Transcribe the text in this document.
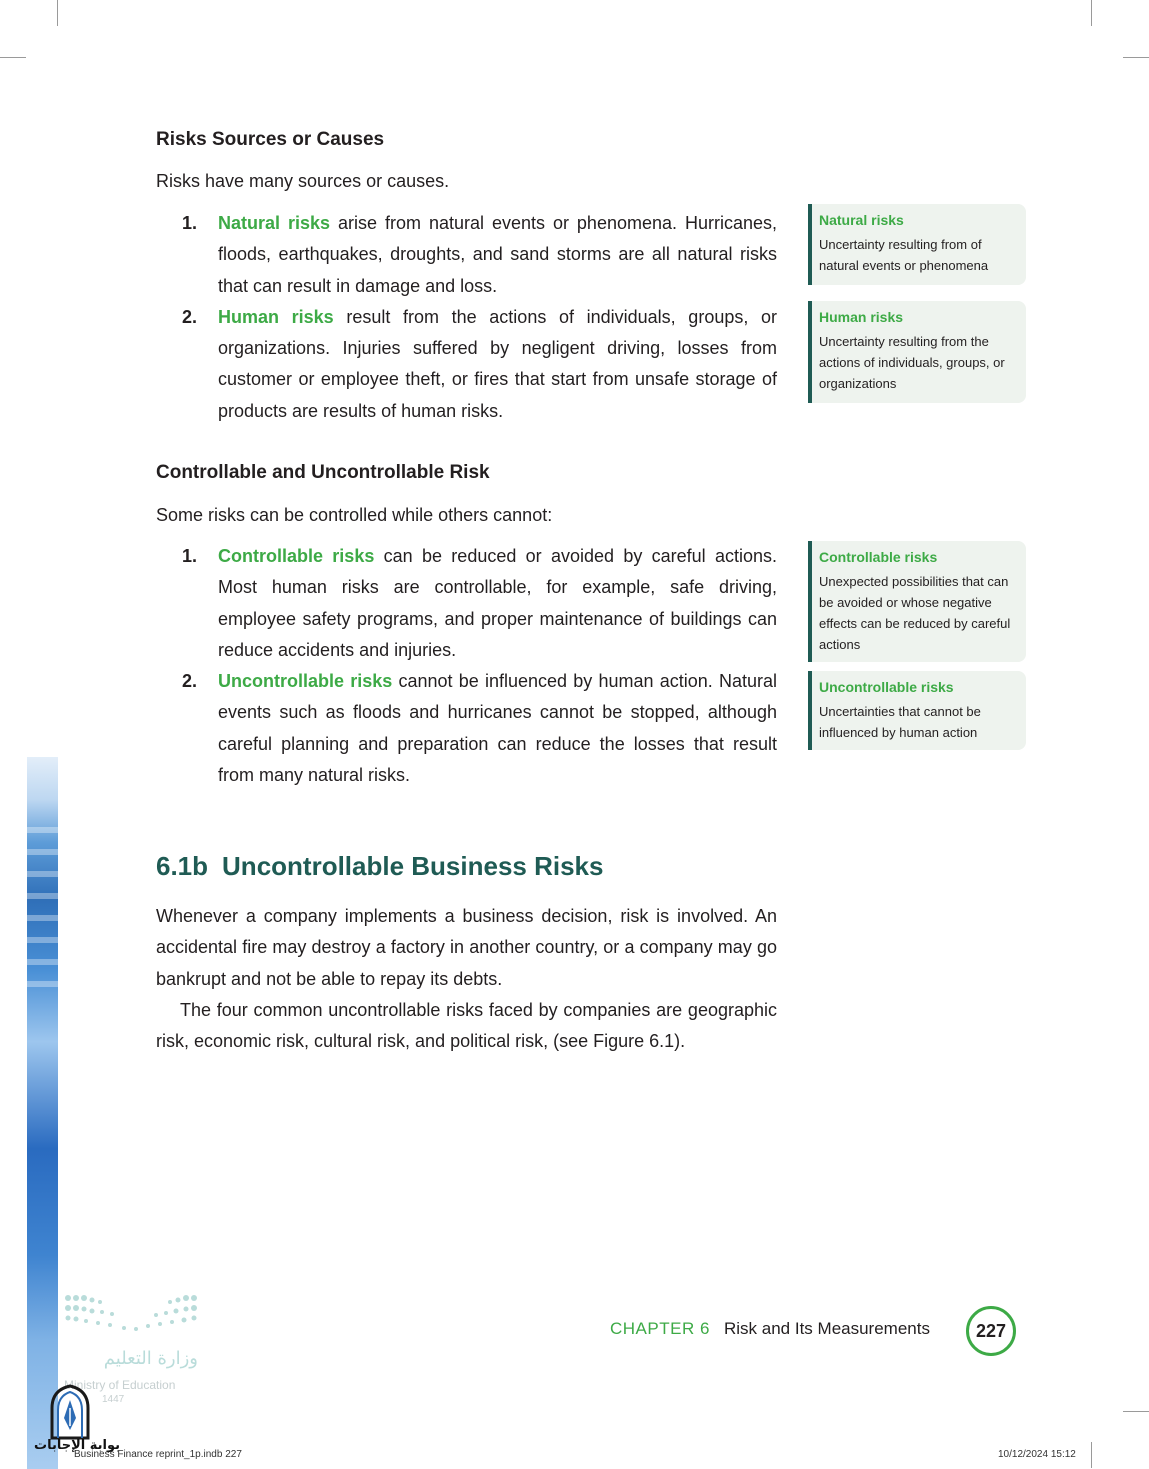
Risks Sources or Causes

Risks have many sources or causes.

1. Natural risks arise from natural events or phenomena. Hurricanes, floods, earthquakes, droughts, and sand storms are all natural risks that can result in damage and loss.
2. Human risks result from the actions of individuals, groups, or organizations. Injuries suffered by negligent driving, losses from customer or employee theft, or fires that start from unsafe storage of products are results of human risks.
Controllable and Uncontrollable Risk

Some risks can be controlled while others cannot:

1. Controllable risks can be reduced or avoided by careful actions. Most human risks are controllable, for example, safe driving, employee safety programs, and proper maintenance of buildings can reduce accidents and injuries.
2. Uncontrollable risks cannot be influenced by human action. Natural events such as floods and hurricanes cannot be stopped, although careful planning and preparation can reduce the losses that result from many natural risks.
Natural risks
Uncertainty resulting from of natural events or phenomena
Human risks
Uncertainty resulting from the actions of individuals, groups, or organizations
Controllable risks
Unexpected possibilities that can be avoided or whose negative effects can be reduced by careful actions
Uncontrollable risks
Uncertainties that cannot be influenced by human action
6.1b Uncontrollable Business Risks

Whenever a company implements a business decision, risk is involved. An accidental fire may destroy a factory in another country, or a company may go bankrupt and not be able to repay its debts.

The four common uncontrollable risks faced by companies are geographic risk, economic risk, cultural risk, and political risk, (see Figure 6.1).

وزارة التعليم
Ministry of Education
1447
بوابة الإجابات
CHAPTER 6 Risk and Its Measurements	227
Business Finance reprint_1p.indb 227	10/12/2024 15:12
